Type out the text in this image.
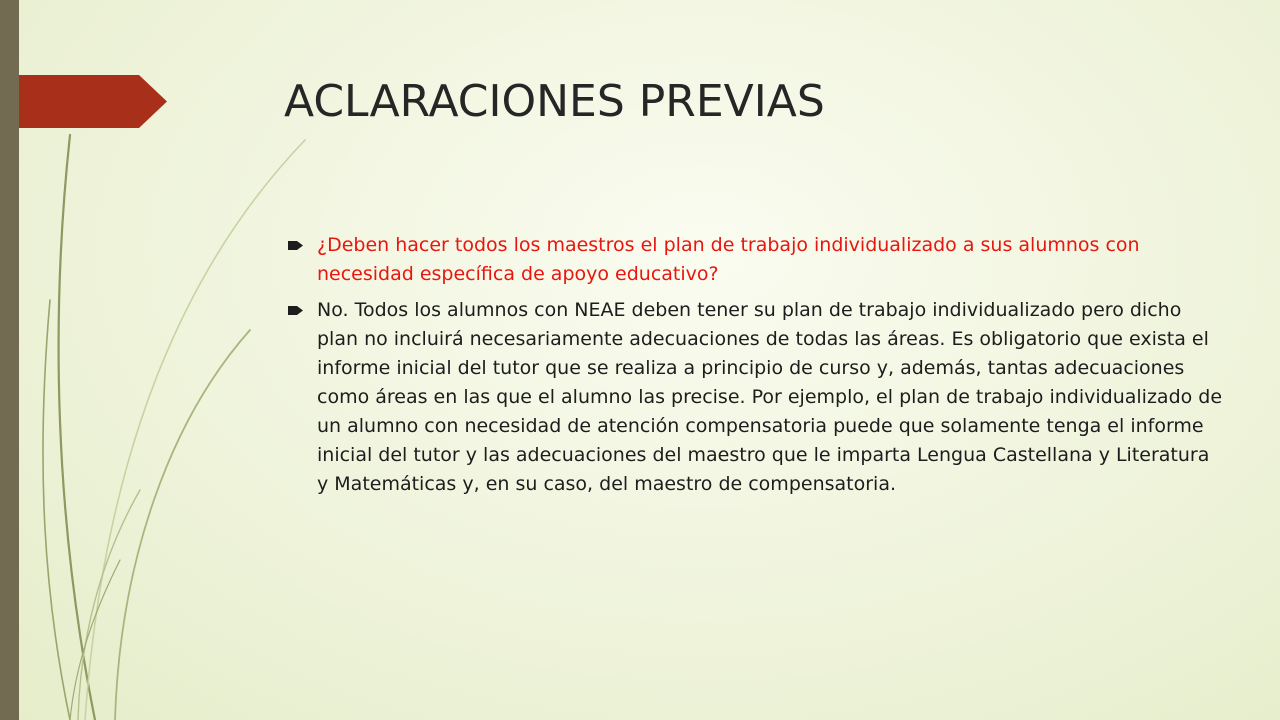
ACLARACIONES PREVIAS
¿Deben hacer todos los maestros el plan de trabajo individualizado a sus alumnos con necesidad específica de apoyo educativo?
No. Todos los alumnos con NEAE deben tener su plan de trabajo individualizado pero dicho plan no incluirá necesariamente adecuaciones de todas las áreas. Es obligatorio que exista el informe inicial del tutor que se realiza a principio de curso y, además, tantas adecuaciones como áreas en las que el alumno las precise. Por ejemplo, el plan de trabajo individualizado de un alumno con necesidad de atención compensatoria puede que solamente tenga el informe inicial del tutor y las adecuaciones del maestro que le imparta Lengua Castellana y Literatura y Matemáticas y, en su caso, del maestro de compensatoria.
